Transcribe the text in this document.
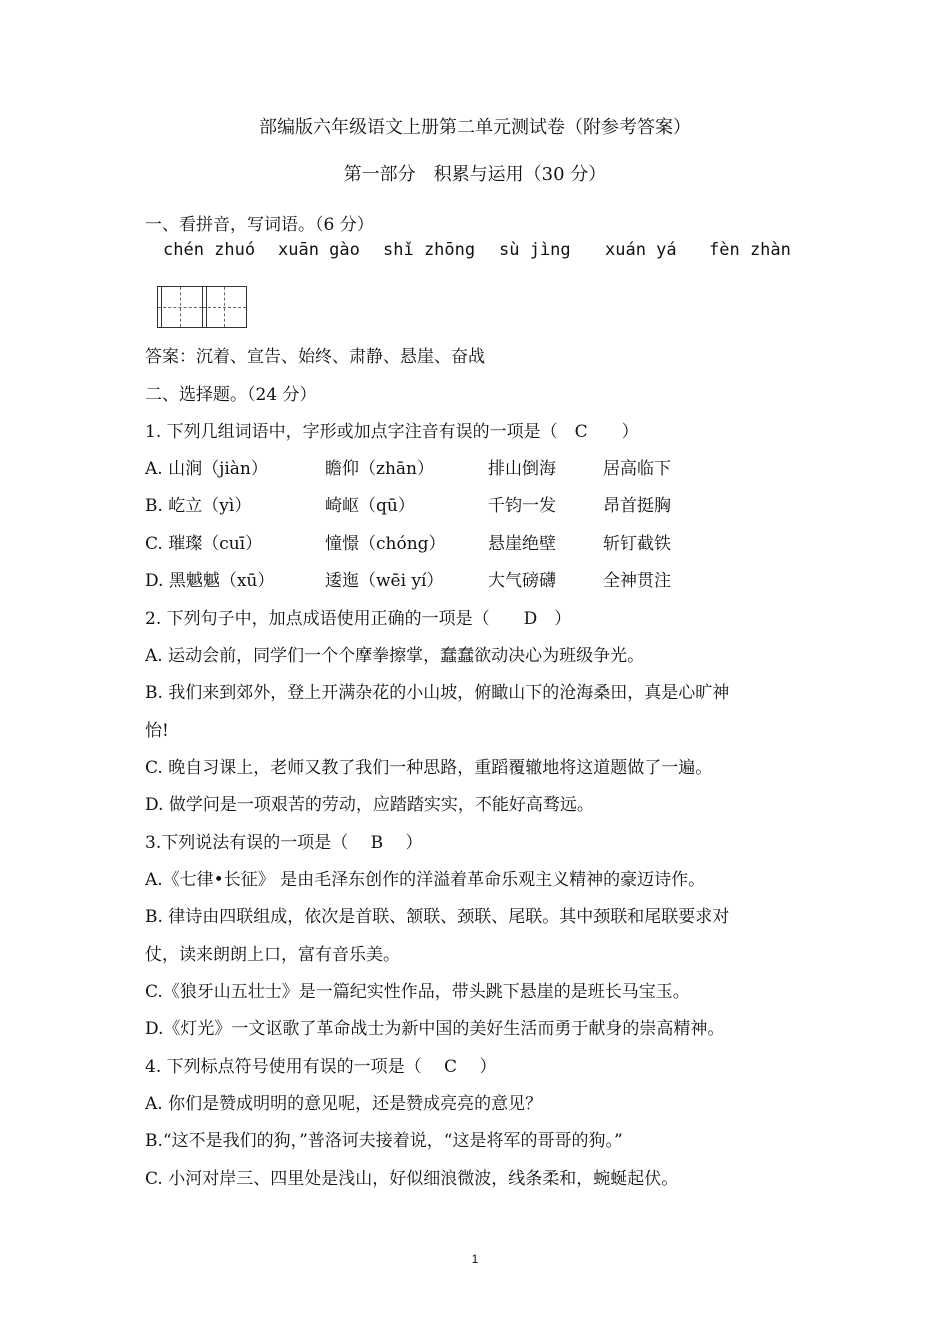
部编版六年级语文上册第二单元测试卷（附参考答案）
第一部分　积累与运用（30 分）
一、看拼音，写词语。（6 分）
chén zhuó	xuān gào	shǐ zhōng	sù jìng	xuán yá	fèn zhàn
答案：沉着、宣告、始终、肃静、悬崖、奋战
二、选择题。（24 分）
1. 下列几组词语中，字形或加点字注音有误的一项是（　C　　）
A. 山涧（jiàn）	瞻仰（zhān）	排山倒海	居高临下
B. 屹立（yì）	崎岖（qū）	千钧一发	昂首挺胸
C. 璀璨（cuī）	憧憬（chóng）	悬崖绝壁	斩钉截铁
D. 黑魆魆（xū）	逶迤（wēi yí）	大气磅礴	全神贯注
2. 下列句子中，加点成语使用正确的一项是（　　D　）
A. 运动会前，同学们一个个摩拳擦掌，蠢蠢欲动决心为班级争光。
B. 我们来到郊外，登上开满杂花的小山坡，俯瞰山下的沧海桑田，真是心旷神
怡!
C. 晚自习课上，老师又教了我们一种思路，重蹈覆辙地将这道题做了一遍。
D. 做学问是一项艰苦的劳动，应踏踏实实，不能好高骛远。
3.下列说法有误的一项是（　 B　 ）
A.《七律•长征》 是由毛泽东创作的洋溢着革命乐观主义精神的豪迈诗作。
B. 律诗由四联组成，依次是首联、颔联、颈联、尾联。其中颈联和尾联要求对
仗，读来朗朗上口，富有音乐美。
C.《狼牙山五壮士》是一篇纪实性作品，带头跳下悬崖的是班长马宝玉。
D.《灯光》一文讴歌了革命战士为新中国的美好生活而勇于献身的崇高精神。
4. 下列标点符号使用有误的一项是（　 C　 ）
A. 你们是赞成明明的意见呢，还是赞成亮亮的意见？
B.“这不是我们的狗，”普洛诃夫接着说，“这是将军的哥哥的狗。”
C. 小河对岸三、四里处是浅山，好似细浪微波，线条柔和，蜿蜒起伏。
1
